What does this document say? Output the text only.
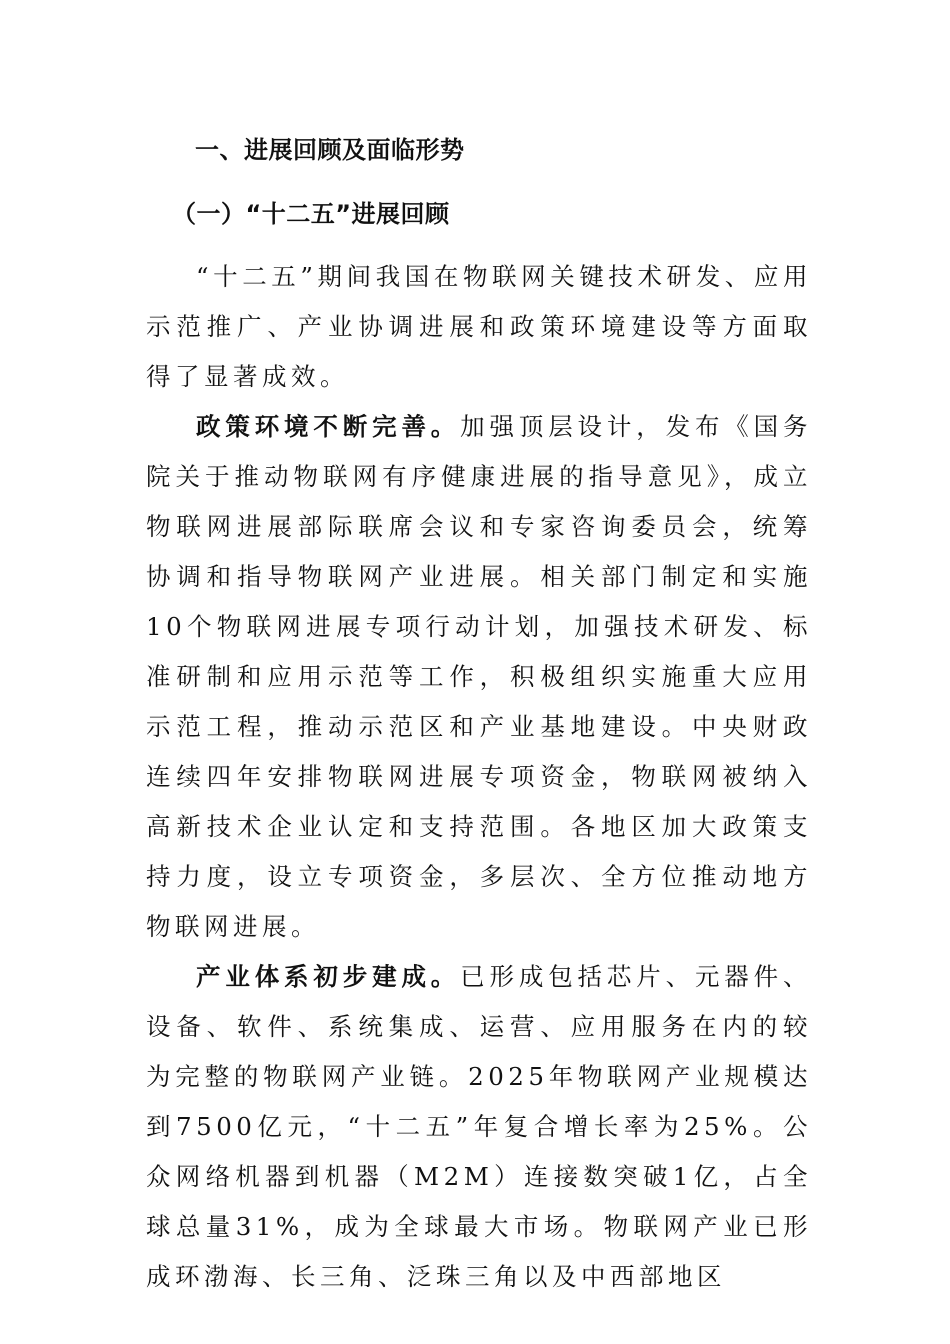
一、进展回顾及面临形势
（一）“十二五”进展回顾

“十二五”期间我国在物联网关键技术研发、应用示范推广、产业协调进展和政策环境建设等方面取得了显著成效。

政策环境不断完善。加强顶层设计，发布《国务院关于推动物联网有序健康进展的指导意见》，成立物联网进展部际联席会议和专家咨询委员会，统筹协调和指导物联网产业进展。相关部门制定和实施10个物联网进展专项行动计划，加强技术研发、标准研制和应用示范等工作，积极组织实施重大应用示范工程，推动示范区和产业基地建设。中央财政连续四年安排物联网进展专项资金，物联网被纳入高新技术企业认定和支持范围。各地区加大政策支持力度，设立专项资金，多层次、全方位推动地方物联网进展。

产业体系初步建成。已形成包括芯片、元器件、设备、软件、系统集成、运营、应用服务在内的较为完整的物联网产业链。2025年物联网产业规模达到7500亿元，“十二五”年复合增长率为25%。公众网络机器到机器（M2M）连接数突破1亿，占全球总量31%，成为全球最大市场。物联网产业已形成环渤海、长三角、泛珠三角以及中西部地区
